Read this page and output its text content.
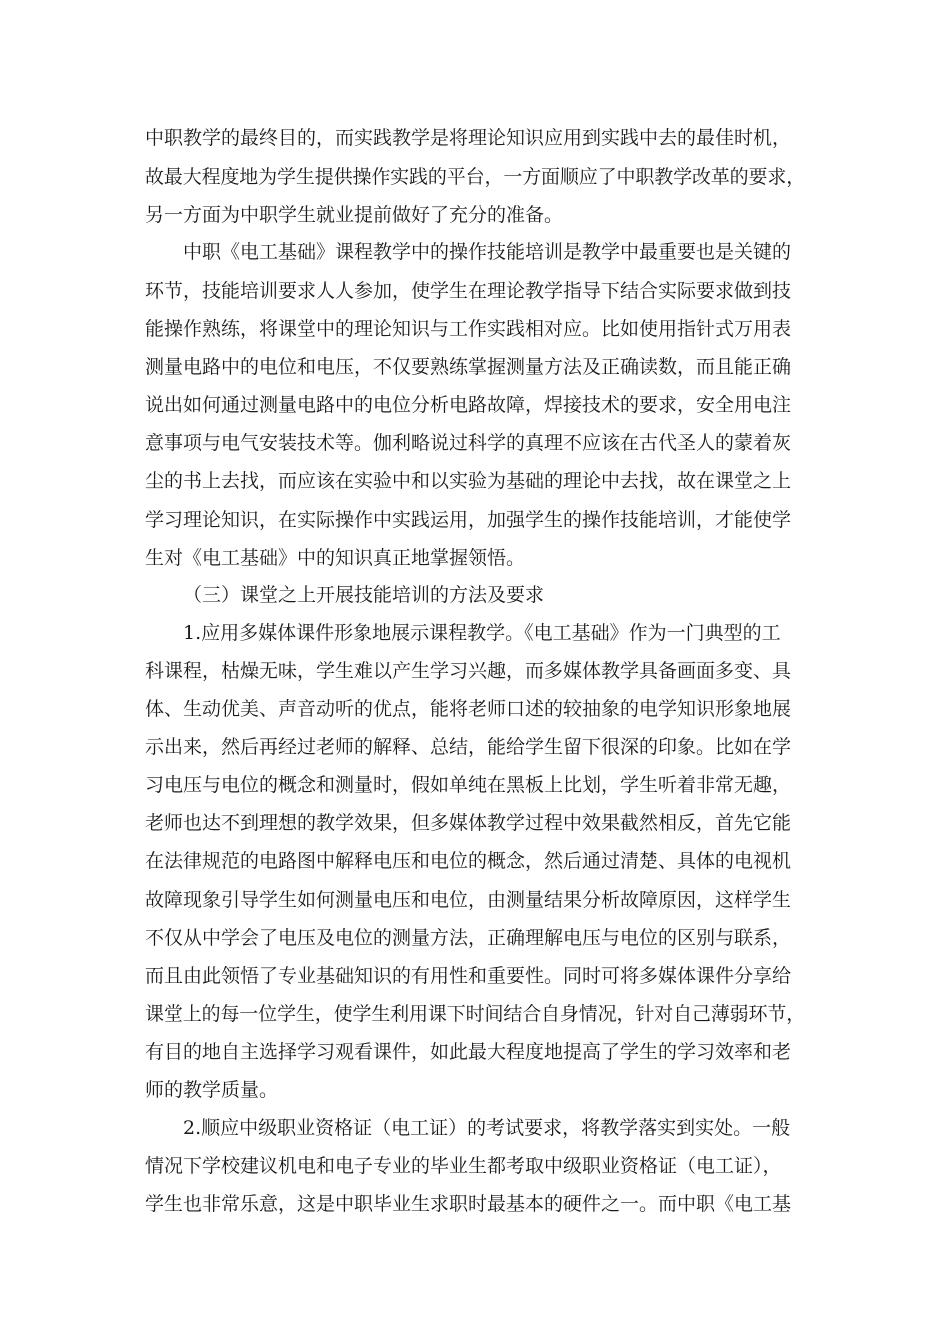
中职教学的最终目的，而实践教学是将理论知识应用到实践中去的最佳时机，
故最大程度地为学生提供操作实践的平台，一方面顺应了中职教学改革的要求，
另一方面为中职学生就业提前做好了充分的准备。
中职《电工基础》课程教学中的操作技能培训是教学中最重要也是关键的
环节，技能培训要求人人参加，使学生在理论教学指导下结合实际要求做到技
能操作熟练，将课堂中的理论知识与工作实践相对应。比如使用指针式万用表
测量电路中的电位和电压，不仅要熟练掌握测量方法及正确读数，而且能正确
说出如何通过测量电路中的电位分析电路故障，焊接技术的要求，安全用电注
意事项与电气安装技术等。伽利略说过科学的真理不应该在古代圣人的蒙着灰
尘的书上去找，而应该在实验中和以实验为基础的理论中去找，故在课堂之上
学习理论知识，在实际操作中实践运用，加强学生的操作技能培训，才能使学
生对《电工基础》中的知识真正地掌握领悟。
（三）课堂之上开展技能培训的方法及要求
1.应用多媒体课件形象地展示课程教学。《电工基础》作为一门典型的工
科课程，枯燥无味，学生难以产生学习兴趣，而多媒体教学具备画面多变、具
体、生动优美、声音动听的优点，能将老师口述的较抽象的电学知识形象地展
示出来，然后再经过老师的解释、总结，能给学生留下很深的印象。比如在学
习电压与电位的概念和测量时，假如单纯在黑板上比划，学生听着非常无趣，
老师也达不到理想的教学效果，但多媒体教学过程中效果截然相反，首先它能
在法律规范的电路图中解释电压和电位的概念，然后通过清楚、具体的电视机
故障现象引导学生如何测量电压和电位，由测量结果分析故障原因，这样学生
不仅从中学会了电压及电位的测量方法，正确理解电压与电位的区别与联系，
而且由此领悟了专业基础知识的有用性和重要性。同时可将多媒体课件分享给
课堂上的每一位学生，使学生利用课下时间结合自身情况，针对自己薄弱环节，
有目的地自主选择学习观看课件，如此最大程度地提高了学生的学习效率和老
师的教学质量。
2.顺应中级职业资格证（电工证）的考试要求，将教学落实到实处。一般
情况下学校建议机电和电子专业的毕业生都考取中级职业资格证（电工证），
学生也非常乐意，这是中职毕业生求职时最基本的硬件之一。而中职《电工基
